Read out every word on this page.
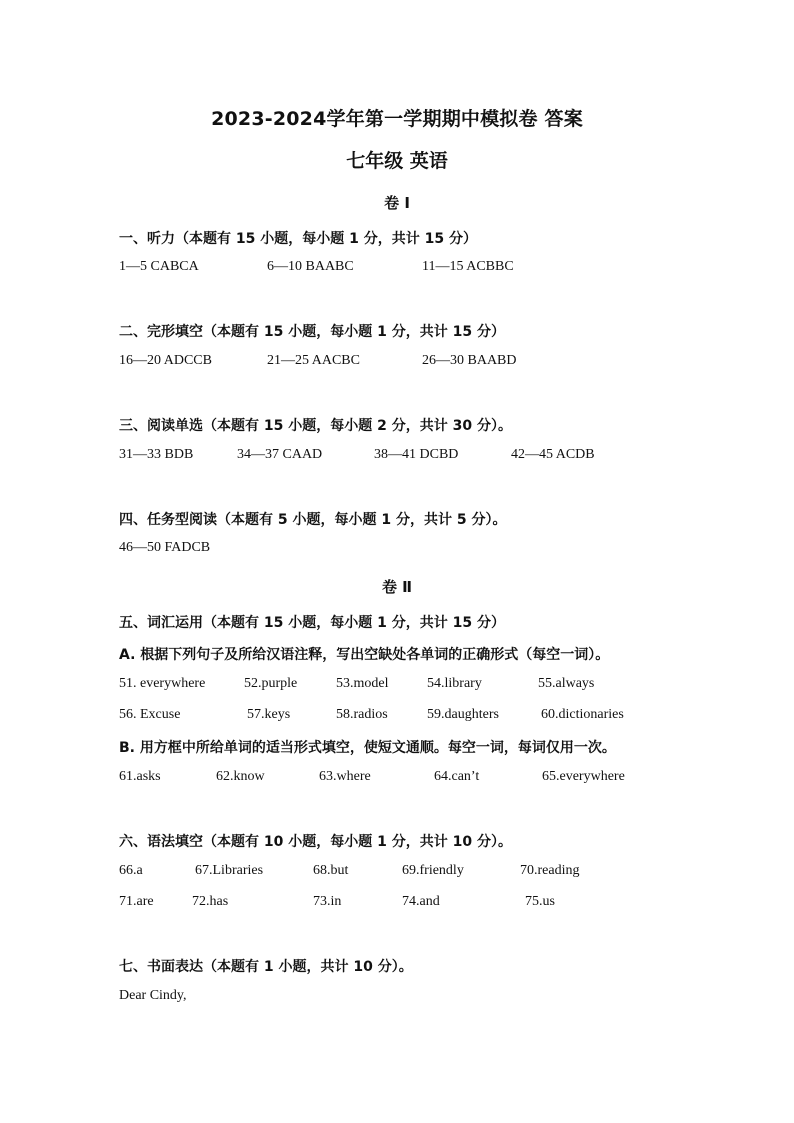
2023-2024学年第一学期期中模拟卷 答案
七年级 英语
卷 I
一、听力（本题有 15 小题，每小题 1 分，共计 15 分）
1—5 CABCA	6—10 BAABC	11—15 ACBBC
二、完形填空（本题有 15 小题，每小题 1 分，共计 15 分）
16—20 ADCCB	21—25 AACBC	26—30 BAABD
三、阅读单选（本题有 15 小题，每小题 2 分，共计 30 分）。
31—33 BDB	34—37 CAAD	38—41 DCBD	42—45 ACDB
四、任务型阅读（本题有 5 小题，每小题 1 分，共计 5 分）。
46—50 FADCB
卷 Ⅱ
五、词汇运用（本题有 15 小题，每小题 1 分，共计 15 分）
A. 根据下列句子及所给汉语注释，写出空缺处各单词的正确形式（每空一词）。
51. everywhere	52.purple	53.model	54.library	55.always
56. Excuse	57.keys	58.radios	59.daughters	60.dictionaries
B. 用方框中所给单词的适当形式填空，使短文通顺。每空一词，每词仅用一次。
61.asks	62.know	63.where	64.can’t	65.everywhere
六、语法填空（本题有 10 小题，每小题 1 分，共计 10 分）。
66.a	67.Libraries	68.but	69.friendly	70.reading
71.are	72.has	73.in	74.and	75.us
七、书面表达（本题有 1 小题，共计 10 分）。
Dear Cindy,
